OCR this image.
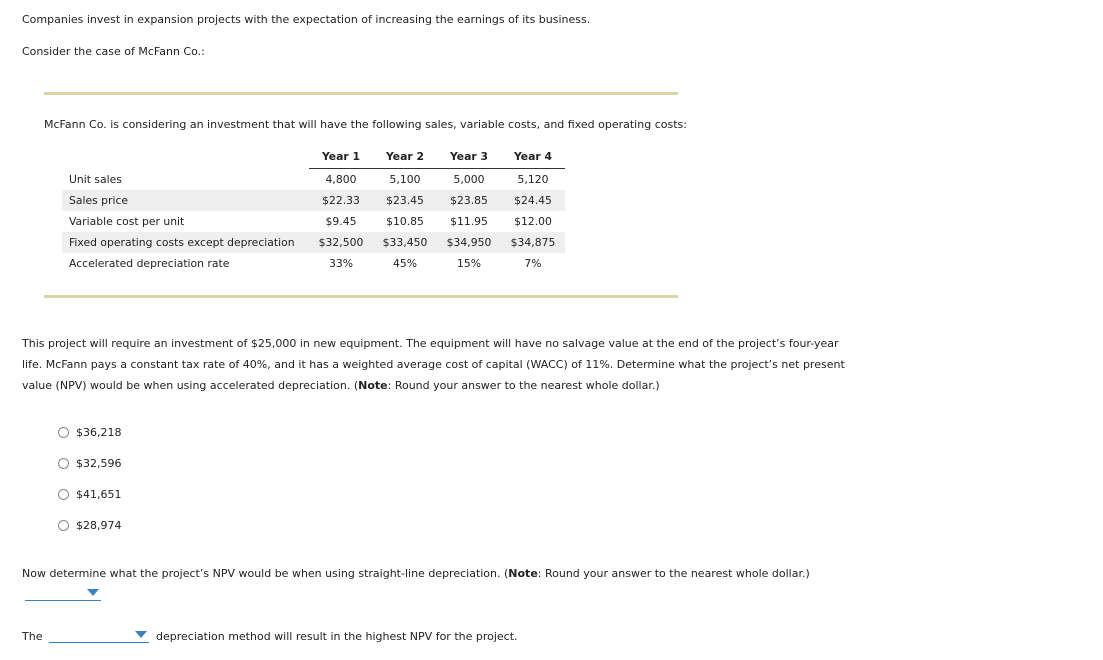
Companies invest in expansion projects with the expectation of increasing the earnings of its business.
Consider the case of McFann Co.:
McFann Co. is considering an investment that will have the following sales, variable costs, and fixed operating costs:
	Year 1	Year 2	Year 3	Year 4
Unit sales	4,800	5,100	5,000	5,120
Sales price	$22.33	$23.45	$23.85	$24.45
Variable cost per unit	$9.45	$10.85	$11.95	$12.00
Fixed operating costs except depreciation	$32,500	$33,450	$34,950	$34,875
Accelerated depreciation rate	33%	45%	15%	7%
This project will require an investment of $25,000 in new equipment. The equipment will have no salvage value at the end of the project’s four-year
life. McFann pays a constant tax rate of 40%, and it has a weighted average cost of capital (WACC) of 11%. Determine what the project’s net present
value (NPV) would be when using accelerated depreciation. (Note: Round your answer to the nearest whole dollar.)
$36,218
$32,596
$41,651
$28,974
Now determine what the project’s NPV would be when using straight-line depreciation. (Note: Round your answer to the nearest whole dollar.)
The	depreciation method will result in the highest NPV for the project.
